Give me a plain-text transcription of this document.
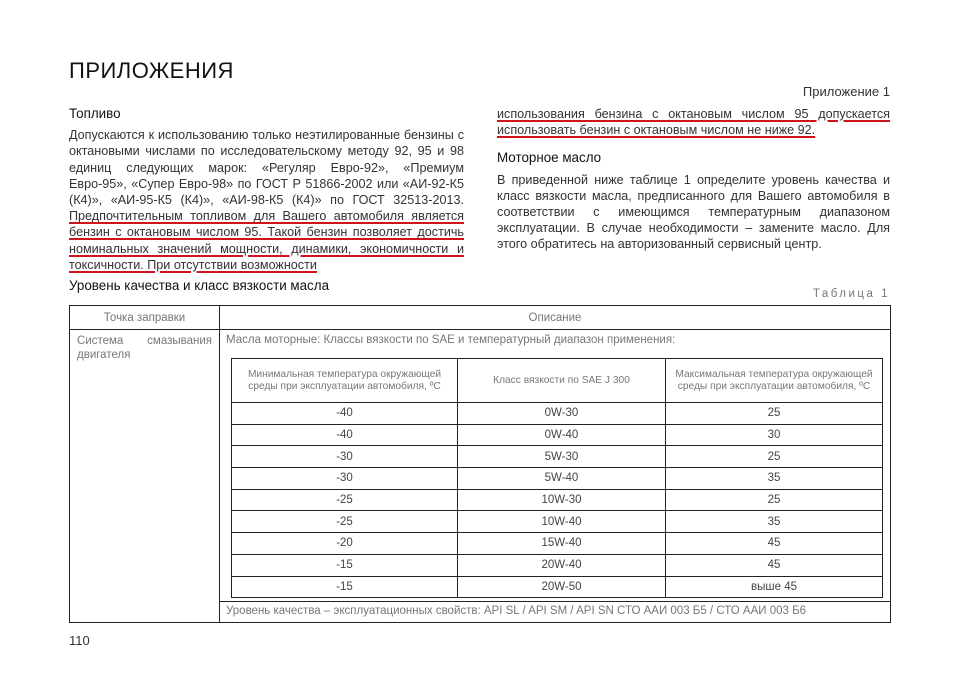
ПРИЛОЖЕНИЯ
Приложение 1
Топливо

Допускаются к использованию только неэтилированные бензины с октановыми числами по исследовательскому методу 92, 95 и 98 единиц следующих марок: «Регуляр Евро-92», «Премиум Евро-95», «Супер Евро-98» по ГОСТ Р 51866-2002 или «АИ-92-К5 (К4)», «АИ-95-К5 (К4)», «АИ-98-К5 (К4)» по ГОСТ 32513-2013. Предпочтительным топливом для Вашего автомобиля является бензин с октановым числом 95. Такой бензин позволяет достичь номинальных значений мощности, динамики, экономичности и токсичности. При отсутствии возможности

использования бензина с октановым числом 95 допускается использовать бензин с октановым числом не ниже 92.

Моторное масло

В приведенной ниже таблице 1 определите уровень качества и класс вязкости масла, предписанного для Вашего автомобиля в соответствии с имеющимся температурным диапазоном эксплуатации. В случае необходимости – замените масло. Для этого обратитесь на авторизованный сервисный центр.

Уровень качества и класс вязкости масла
Таблица 1
Точка заправки	Описание
Система смазывания
двигателя
Масла моторные: Классы вязкости по SAE и температурный диапазон применения:
Минимальная температура окружающей среды при эксплуатации автомобиля, ºС	Класс вязкости по SAE J 300	Максимальная температура окружающей среды при эксплуатации автомобиля, ºС
-40	0W-30	25
-40	0W-40	30
-30	5W-30	25
-30	5W-40	35
-25	10W-30	25
-25	10W-40	35
-20	15W-40	45
-15	20W-40	45
-15	20W-50	выше 45
Уровень качества – эксплуатационных свойств: API SL / API SM / API SN СТО ААИ 003 Б5 / СТО ААИ 003 Б6
110
